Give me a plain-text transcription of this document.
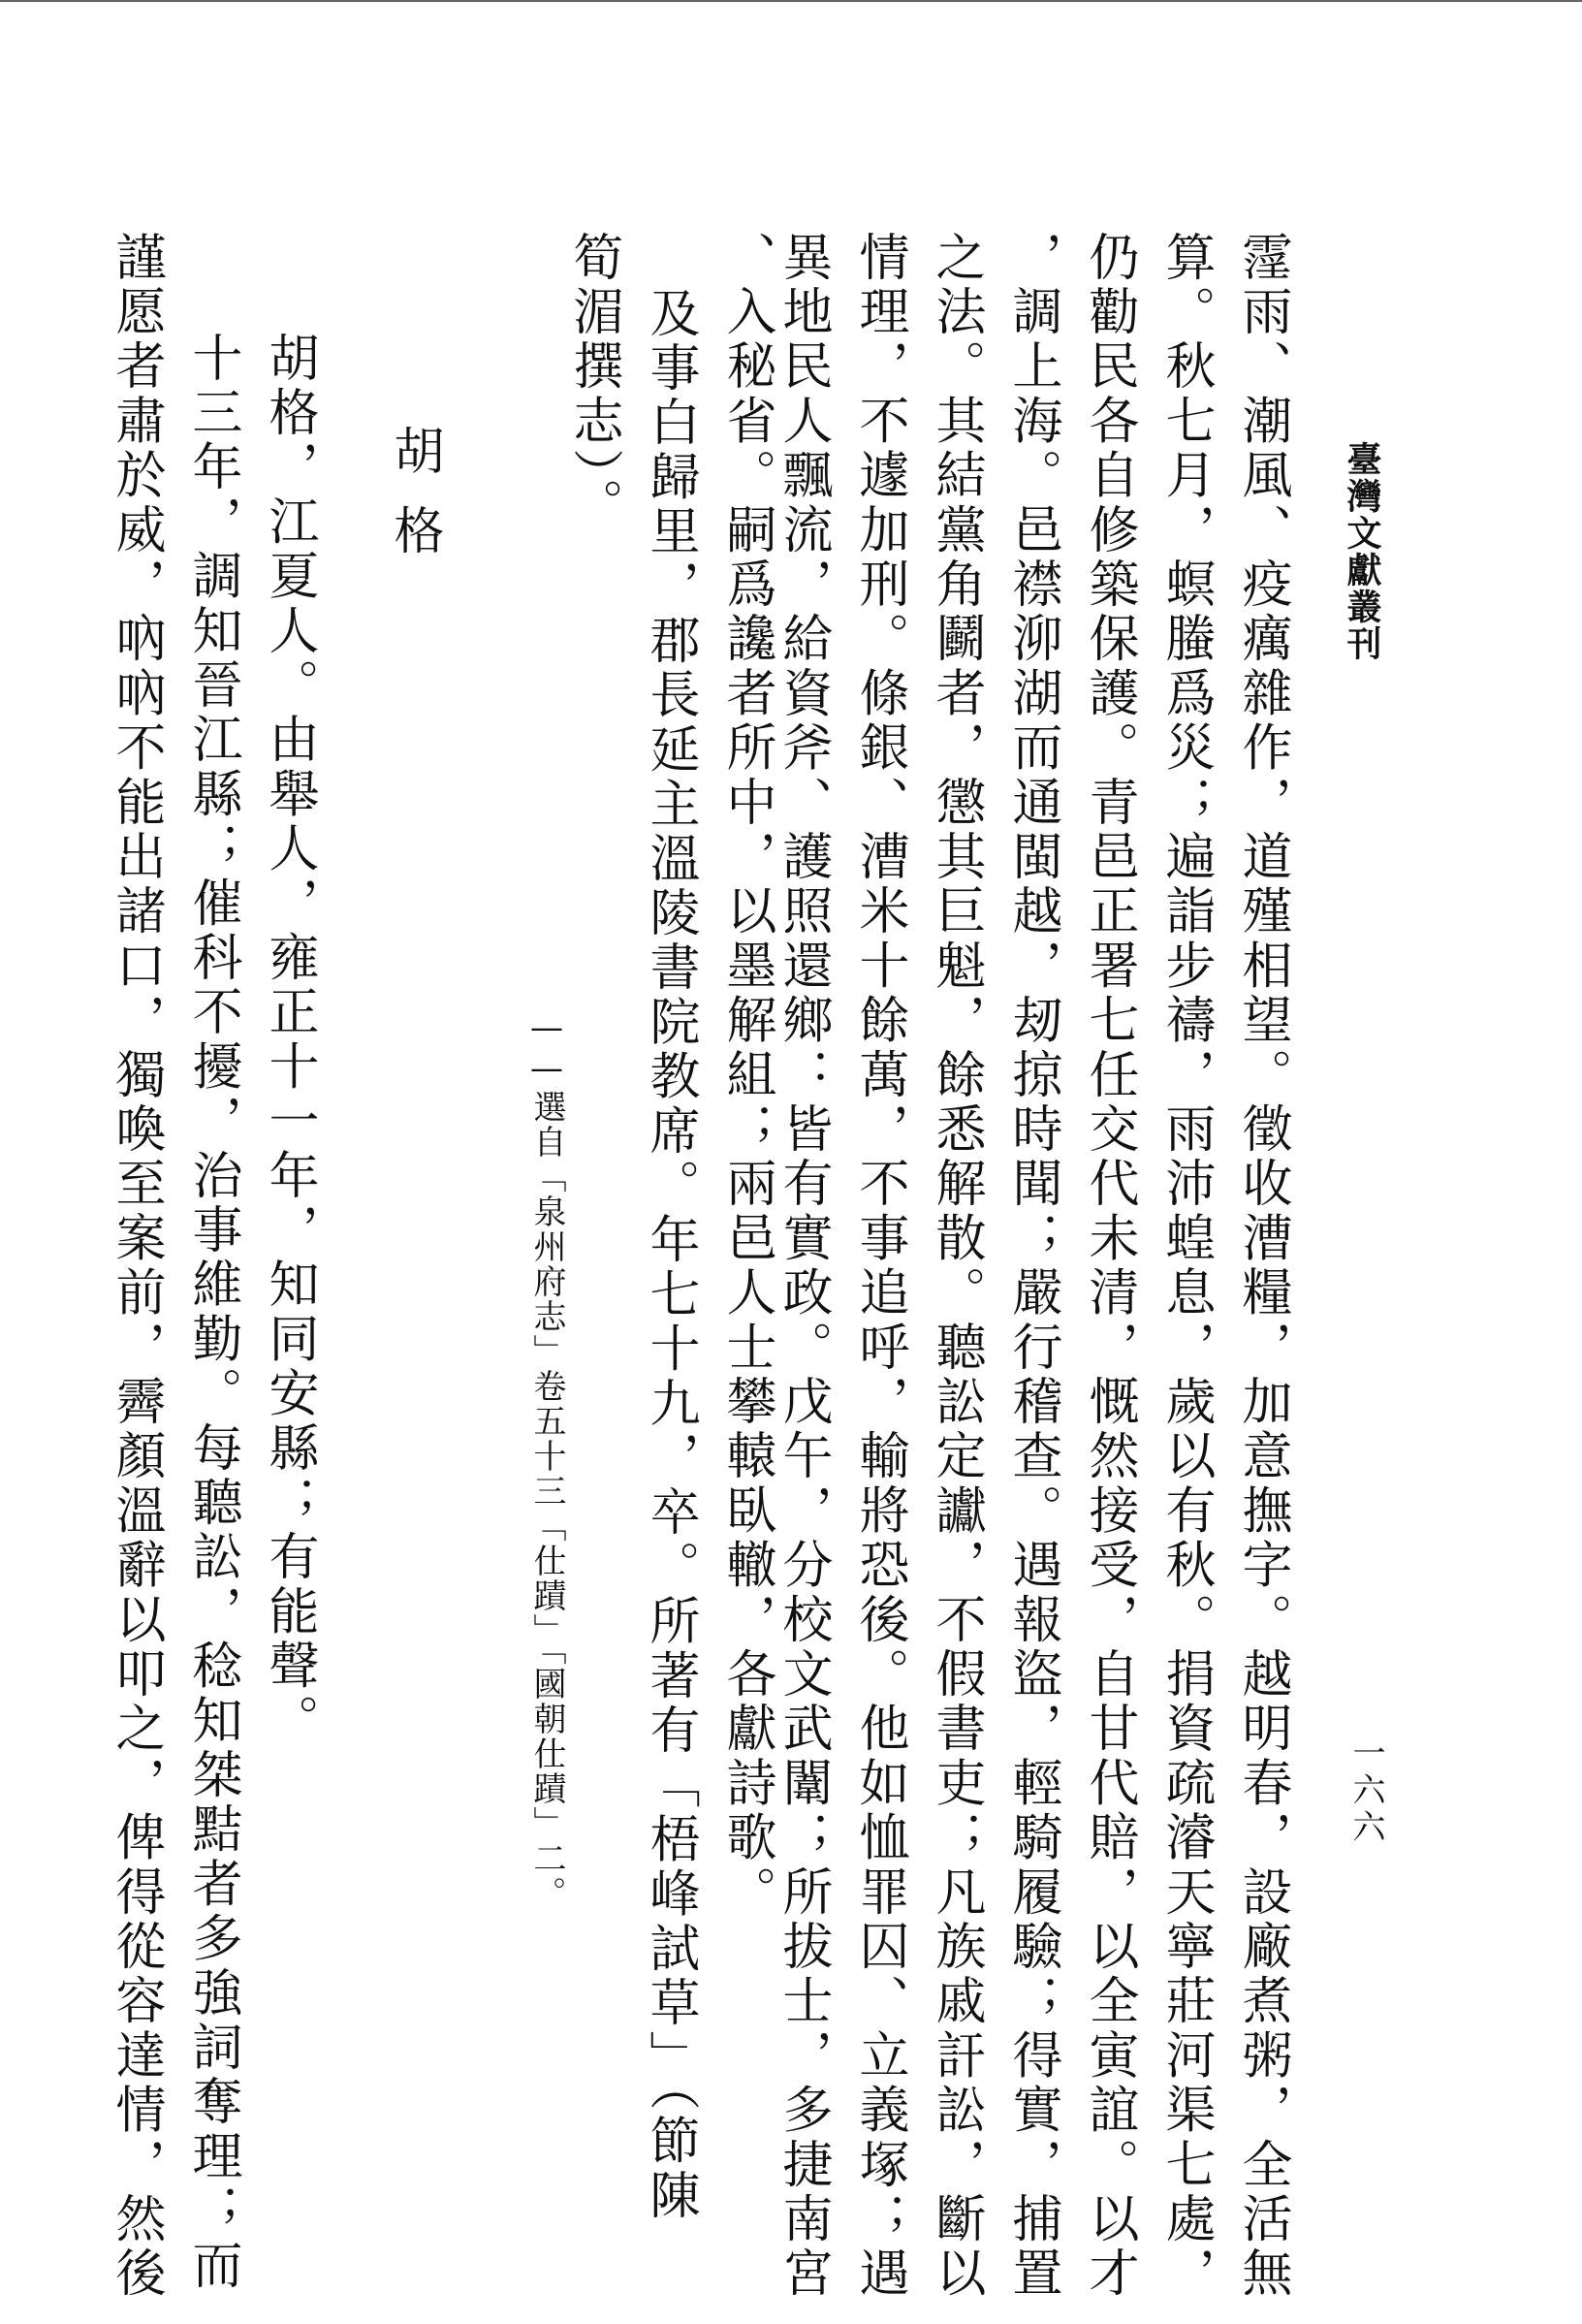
臺灣文獻叢刊
一六六
霪雨、潮風、疫癘雜作，道殣相望。徵收漕糧，加意撫字。越明春，設廠煮粥，全活無
算。秋七月，螟螣爲災；遍詣步禱，雨沛蝗息，歲以有秋。捐資疏濬天寧莊河渠七處，
仍勸民各自修築保護。青邑正署七任交代未清，慨然接受，自甘代賠，以全寅誼。以才
，調上海。邑襟泖湖而通閩越，刼掠時聞；嚴行稽查。遇報盜，輕騎履驗；得實，捕置
之法。其結黨角鬬者，懲其巨魁，餘悉解散。聽訟定讞，不假書吏；凡族戚訐訟，斷以
情理，不遽加刑。條銀、漕米十餘萬，不事追呼，輸將恐後。他如恤罪囚、立義塚；遇
異地民人飄流，給資斧、護照還鄉：皆有實政。戊午，分校文武闈；所拔士，多捷南宮
、入秘省。嗣爲讒者所中，以墨解組；兩邑人士攀轅臥轍，各獻詩歌。
及事白歸里，郡長延主溫陵書院教席。年七十九，卒。所著有「梧峰試草」（節陳
筍湄撰志）。
——選自「泉州府志」卷五十三「仕蹟」「國朝仕蹟」二。
胡格
胡格，江夏人。由舉人，雍正十一年，知同安縣；有能聲。
十三年，調知晉江縣；催科不擾，治事維勤。每聽訟，稔知桀黠者多強詞奪理；而
謹愿者肅於威，吶吶不能出諸口，獨喚至案前，霽顏溫辭以叩之，俾得從容達情，然後
